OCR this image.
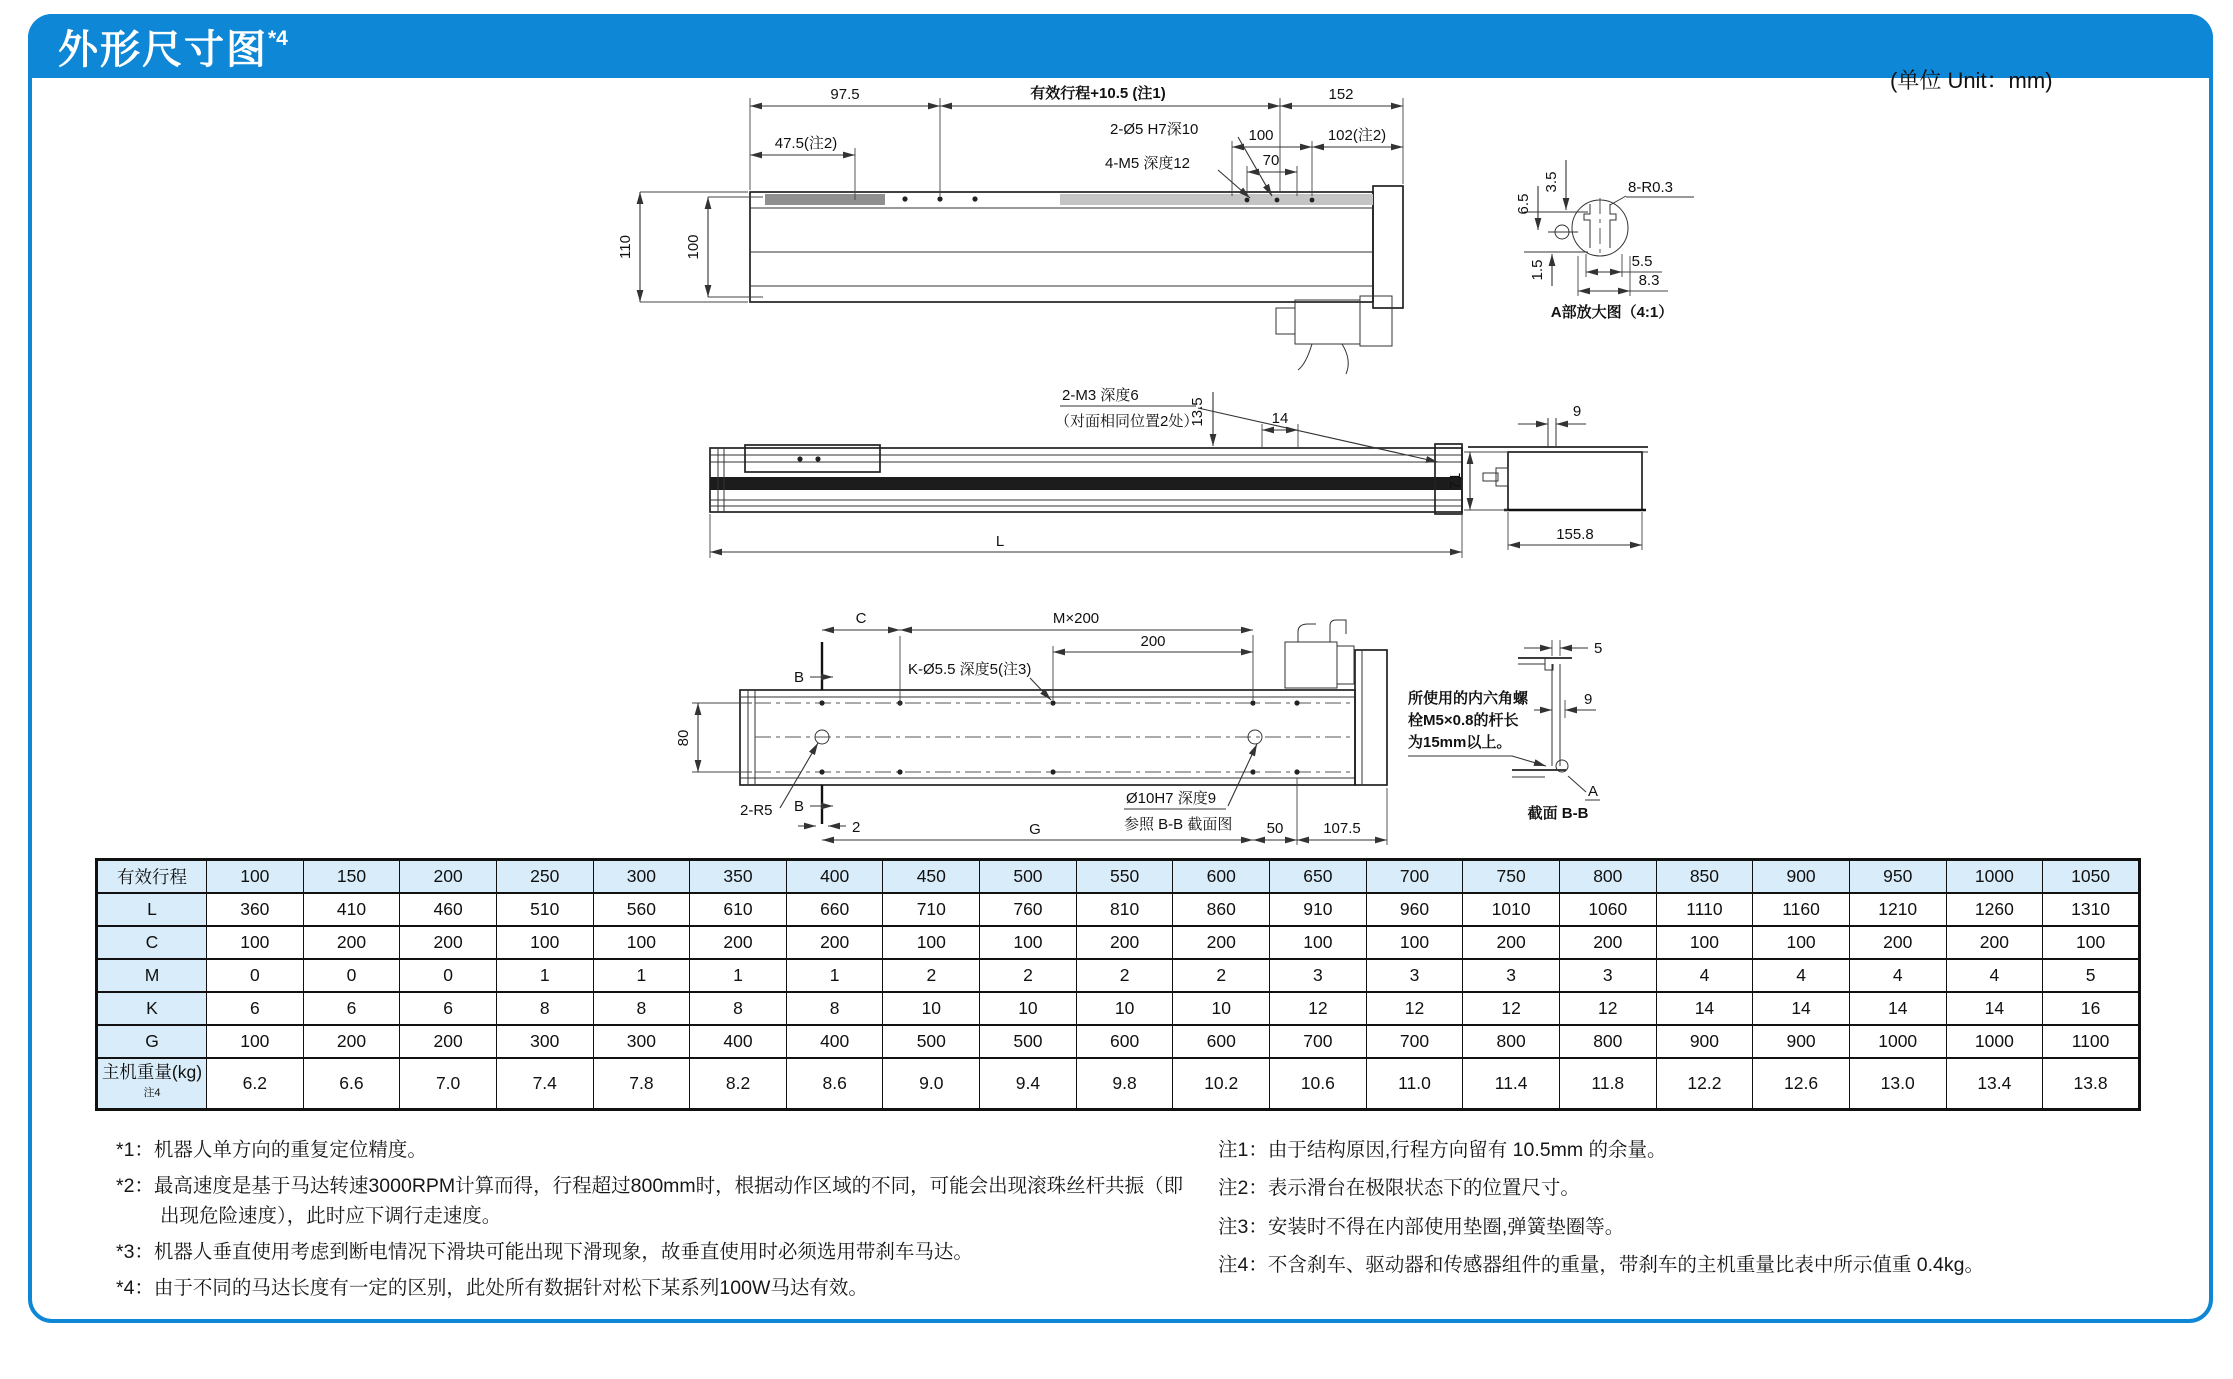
外形尺寸图$^{*4}$
(单位 Unit：mm)
97.5	有效行程+10.5 (注1)	152
47.5(注2)	100	102(注2)
70
2-Ø5 H7深10
4-M5 深度12
110	100
3.5
6.5
1.5
8-R0.3
5.5
8.3
A部放大图（4:1）
2-M3 深度6
（对面相同位置2处）
13.5	14
L
9
71
155.8
B
B
C	M×200
200
K-Ø5.5 深度5(注3)
80
2-R5
2	G	50	107.5
Ø10H7 深度9
参照 B-B 截面图
5
9
所使用的内六角螺
栓M5×0.8的杆长
为15mm以上。
A
截面 B-B
有效行程	100	150	200	250	300	350	400	450	500	550	600	650	700	750	800	850	900	950	1000	1050
L	360	410	460	510	560	610	660	710	760	810	860	910	960	1010	1060	1110	1160	1210	1260	1310
C	100	200	200	100	100	200	200	100	100	200	200	100	100	200	200	100	100	200	200	100
M	0	0	0	1	1	1	1	2	2	2	2	3	3	3	3	4	4	4	4	5
K	6	6	6	8	8	8	8	10	10	10	10	12	12	12	12	14	14	14	14	16
G	100	200	200	300	300	400	400	500	500	600	600	700	700	800	800	900	900	1000	1000	1100
主机重量(kg)$^{注4}$	6.2	6.6	7.0	7.4	7.8	8.2	8.6	9.0	9.4	9.8	10.2	10.6	11.0	11.4	11.8	12.2	12.6	13.0	13.4	13.8
*1：机器人单方向的重复定位精度。
*2：最高速度是基于马达转速3000RPM计算而得，行程超过800mm时，根据动作区域的不同，可能会出现滚珠丝杆共振（即出现危险速度），此时应下调行走速度。
*3：机器人垂直使用考虑到断电情况下滑块可能出现下滑现象，故垂直使用时必须选用带刹车马达。
*4：由于不同的马达长度有一定的区别，此处所有数据针对松下某系列100W马达有效。
注1：由于结构原因,行程方向留有 10.5mm 的余量。
注2：表示滑台在极限状态下的位置尺寸。
注3：安装时不得在内部使用垫圈,弹簧垫圈等。
注4：不含刹车、驱动器和传感器组件的重量，带刹车的主机重量比表中所示值重 0.4kg。
